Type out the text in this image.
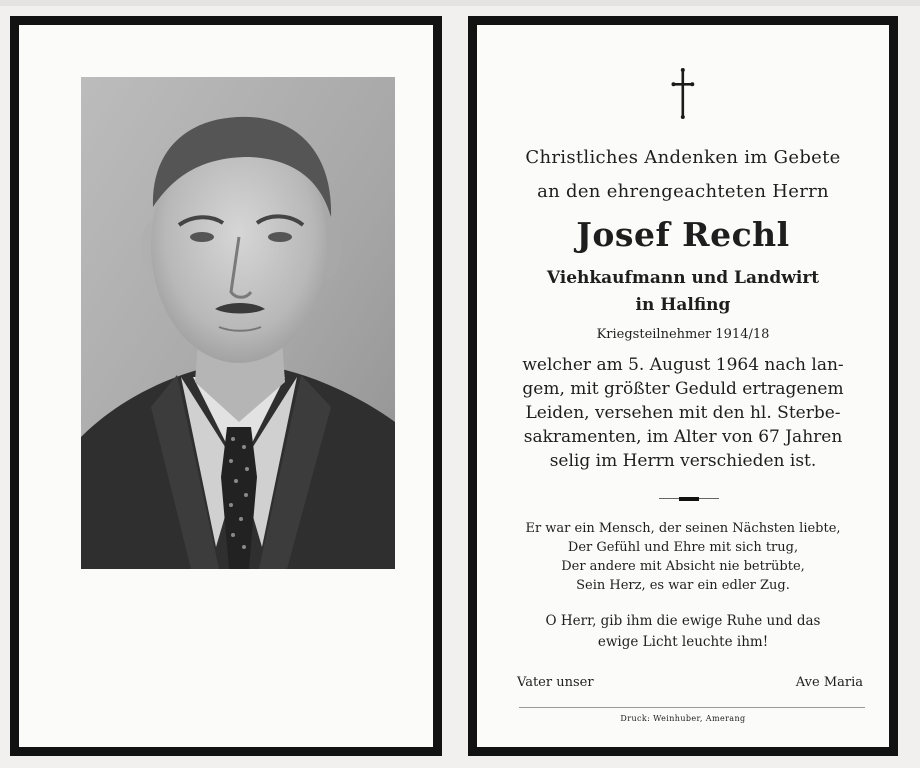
Christliches Andenken im Gebete
an den ehrengeachteten Herrn
Josef Rechl
Viehkaufmann und Landwirt
in Halfing
Kriegsteilnehmer 1914/18
welcher am 5. August 1964 nach lan-
gem, mit größter Geduld ertragenem
Leiden, versehen mit den hl. Sterbe-
sakramenten, im Alter von 67 Jahren
selig im Herrn verschieden ist.
Er war ein Mensch, der seinen Nächsten liebte,
Der Gefühl und Ehre mit sich trug,
Der andere mit Absicht nie betrübte,
Sein Herz, es war ein edler Zug.
O Herr, gib ihm die ewige Ruhe und das
ewige Licht leuchte ihm!
Vater unser	Ave Maria
Druck: Weinhuber, Amerang
